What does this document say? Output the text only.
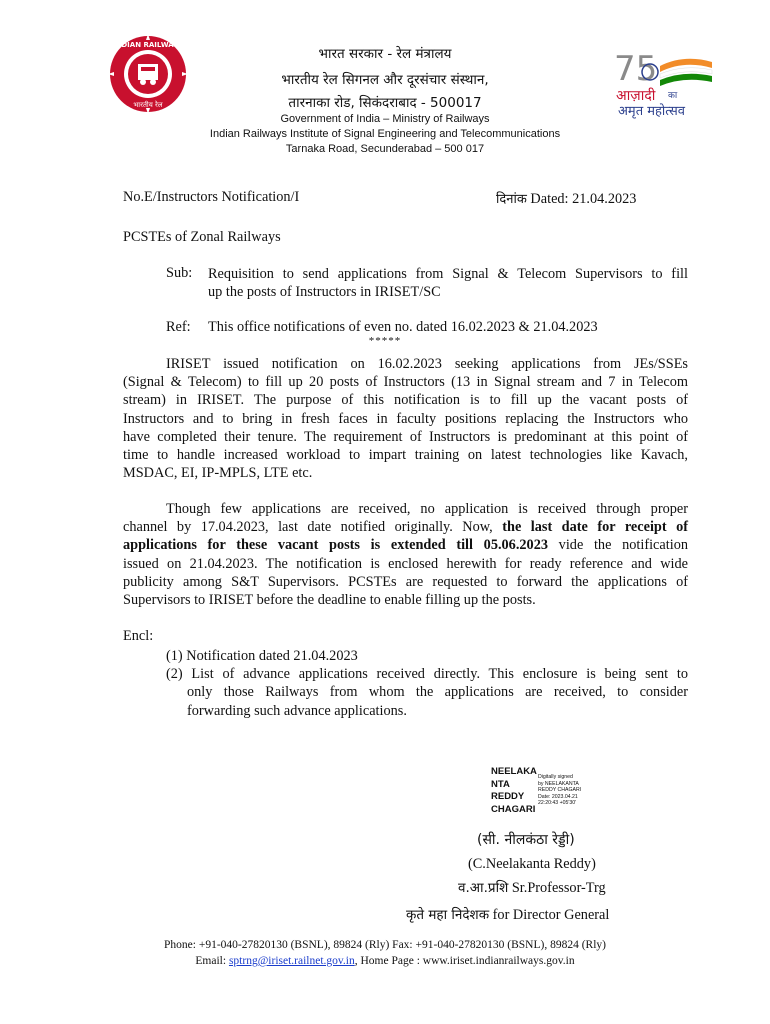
INDIAN RAILWAYS
भारतीय रेल
75
आज़ादी का
अमृत महोत्सव
भारत सरकार - रेल मंत्रालय
भारतीय रेल सिगनल और दूरसंचार संस्थान,
तारनाका रोड, सिकंदराबाद - 500017
Government of India – Ministry of Railways
Indian Railways Institute of Signal Engineering and Telecommunications
Tarnaka Road, Secunderabad – 500 017
No.E/Instructors Notification/I	दिनांक Dated: 21.04.2023
PCSTEs of Zonal Railways
Sub: Requisition to send applications from Signal & Telecom Supervisors to fill
up the posts of Instructors in IRISET/SC
Ref: This office notifications of even no. dated 16.02.2023 & 21.04.2023
*****
IRISET issued notification on 16.02.2023 seeking applications from JEs/SSEs
(Signal & Telecom) to fill up 20 posts of Instructors (13 in Signal stream and 7 in Telecom
stream) in IRISET. The purpose of this notification is to fill up the vacant posts of
Instructors and to bring in fresh faces in faculty positions replacing the Instructors who
have completed their tenure. The requirement of Instructors is predominant at this point of
time to handle increased workload to impart training on latest technologies like Kavach,
MSDAC, EI, IP-MPLS, LTE etc.
Though few applications are received, no application is received through proper
channel by 17.04.2023, last date notified originally. Now, the last date for receipt of
applications for these vacant posts is extended till 05.06.2023 vide the notification
issued on 21.04.2023. The notification is enclosed herewith for ready reference and wide
publicity among S&T Supervisors. PCSTEs are requested to forward the applications of
Supervisors to IRISET before the deadline to enable filling up the posts.
Encl:
(1) Notification dated 21.04.2023
(2) List of advance applications received directly. This enclosure is being sent to
only those Railways from whom the applications are received, to consider
forwarding such advance applications.
NEELAKA
NTA
REDDY
CHAGARI
Digitally signed
by NEELAKANTA
REDDY CHAGARI
Date: 2023.04.21
22:20:43 +05'30'
(सी. नीलकंठा रेड्डी)
(C.Neelakanta Reddy)
व.आ.प्रशि Sr.Professor-Trg
कृते महा निदेशक for Director General
Phone: +91-040-27820130 (BSNL), 89824 (Rly) Fax: +91-040-27820130 (BSNL), 89824 (Rly)
Email: sptrng@iriset.railnet.gov.in, Home Page : www.iriset.indianrailways.gov.in
